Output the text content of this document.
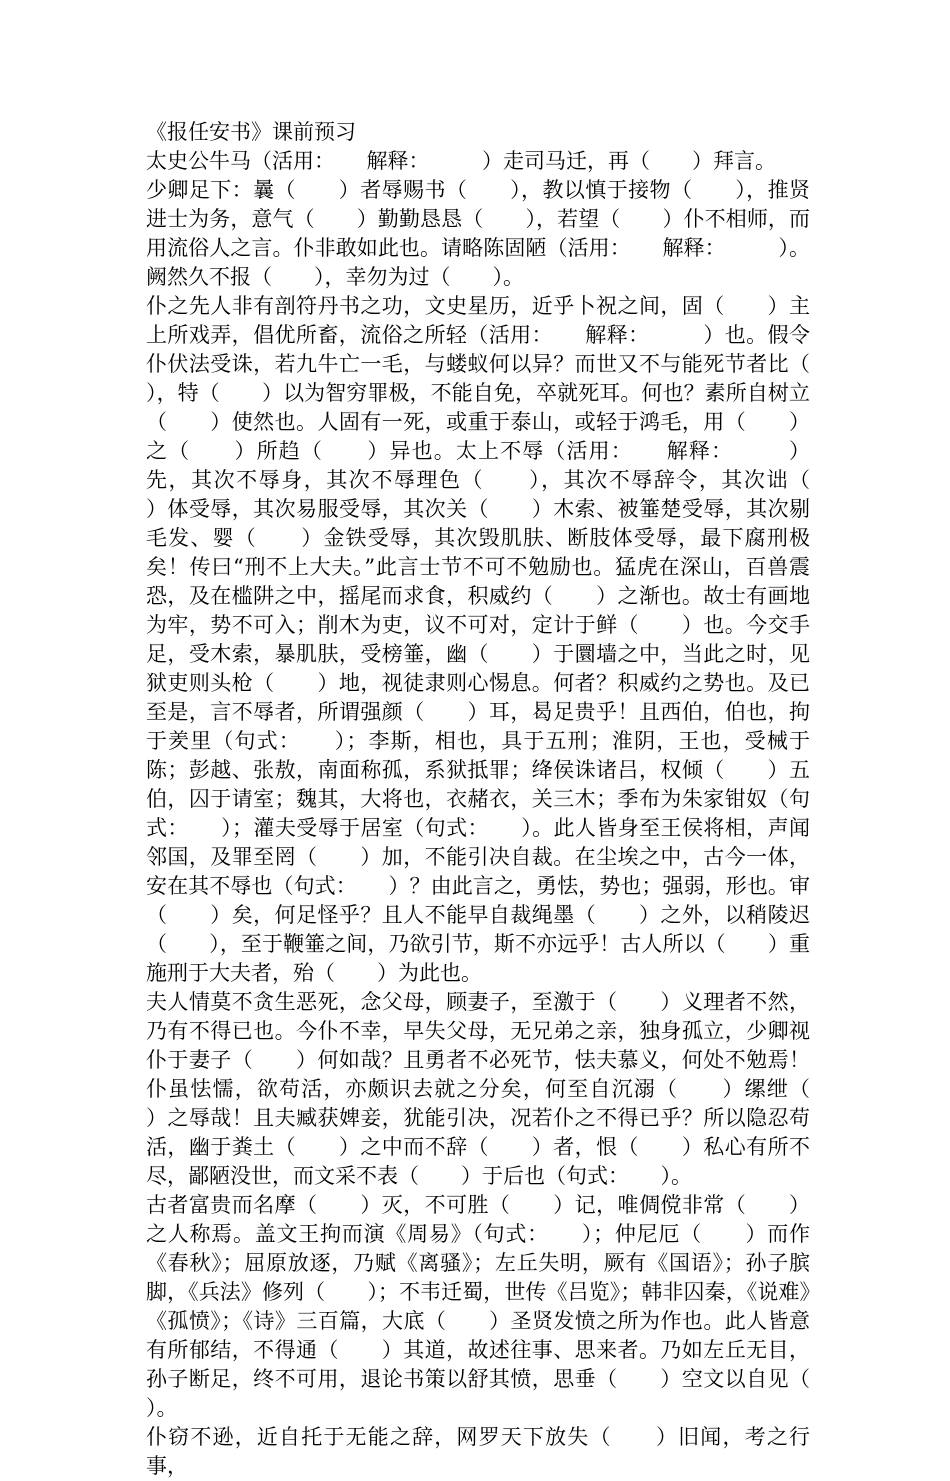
《报任安书》课前预习

太史公牛马（活用：　　解释：　　　）走司马迁，再（　　）拜言。

少卿足下：曩（　　）者辱赐书（　　），教以慎于接物（　　），推贤进士为务，意气（　　）勤勤恳恳（　　），若望（　　）仆不相师，而用流俗人之言。仆非敢如此也。请略陈固陋（活用：　　解释：　　　）。阙然久不报（　　），幸勿为过（　　）。

仆之先人非有剖符丹书之功，文史星历，近乎卜祝之间，固（　　）主上所戏弄，倡优所畜，流俗之所轻（活用：　　解释：　　　）也。假令仆伏法受诛，若九牛亡一毛，与蝼蚁何以异？而世又不与能死节者比（　　），特（　　）以为智穷罪极，不能自免，卒就死耳。何也？素所自树立（　　）使然也。人固有一死，或重于泰山，或轻于鸿毛，用（　　）之（　　）所趋（　　）异也。太上不辱（活用：　　解释：　　　）先，其次不辱身，其次不辱理色（　　），其次不辱辞令，其次诎（　　）体受辱，其次易服受辱，其次关（　　）木索、被箠楚受辱，其次剔毛发、婴（　　）金铁受辱，其次毁肌肤、断肢体受辱，最下腐刑极矣！传曰“刑不上大夫。”此言士节不可不勉励也。猛虎在深山，百兽震恐，及在槛阱之中，摇尾而求食，积威约（　　）之渐也。故士有画地为牢，势不可入；削木为吏，议不可对，定计于鲜（　　）也。今交手足，受木索，暴肌肤，受榜箠，幽（　　）于圜墙之中，当此之时，见狱吏则头枪（　　）地，视徒隶则心惕息。何者？积威约之势也。及已至是，言不辱者，所谓强颜（　　）耳，曷足贵乎！且西伯，伯也，拘于羑里（句式：　　）；李斯，相也，具于五刑；淮阴，王也，受械于陈；彭越、张敖，南面称孤，系狱抵罪；绛侯诛诸吕，权倾（　　）五伯，囚于请室；魏其，大将也，衣赭衣，关三木；季布为朱家钳奴（句式：　　）；灌夫受辱于居室（句式：　　）。此人皆身至王侯将相，声闻邻国，及罪至罔（　　）加，不能引决自裁。在尘埃之中，古今一体，安在其不辱也（句式：　　）？由此言之，勇怯，势也；强弱，形也。审（　　）矣，何足怪乎？且人不能早自裁绳墨（　　）之外，以稍陵迟（　　），至于鞭箠之间，乃欲引节，斯不亦远乎！古人所以（　　）重施刑于大夫者，殆（　　）为此也。

夫人情莫不贪生恶死，念父母，顾妻子，至激于（　　）义理者不然，乃有不得已也。今仆不幸，早失父母，无兄弟之亲，独身孤立，少卿视仆于妻子（　　）何如哉？且勇者不必死节，怯夫慕义，何处不勉焉！仆虽怯懦，欲苟活，亦颇识去就之分矣，何至自沉溺（　　）缧绁（　　）之辱哉！且夫臧获婢妾，犹能引决，况若仆之不得已乎？所以隐忍苟活，幽于粪土（　　）之中而不辞（　　）者，恨（　　）私心有所不尽，鄙陋没世，而文采不表（　　）于后也（句式：　　）。

古者富贵而名摩（　　）灭，不可胜（　　）记，唯倜傥非常（　　）之人称焉。盖文王拘而演《周易》（句式：　　）；仲尼厄（　　）而作《春秋》；屈原放逐，乃赋《离骚》；左丘失明，厥有《国语》；孙子膑脚，《兵法》修列（　　）；不韦迁蜀，世传《吕览》；韩非囚秦，《说难》《孤愤》；《诗》三百篇，大底（　　）圣贤发愤之所为作也。此人皆意有所郁结，不得通（　　）其道，故述往事、思来者。乃如左丘无目，孙子断足，终不可用，退论书策以舒其愤，思垂（　　）空文以自见（　　）。

仆窃不逊，近自托于无能之辞，网罗天下放失（　　）旧闻，考之行事，
